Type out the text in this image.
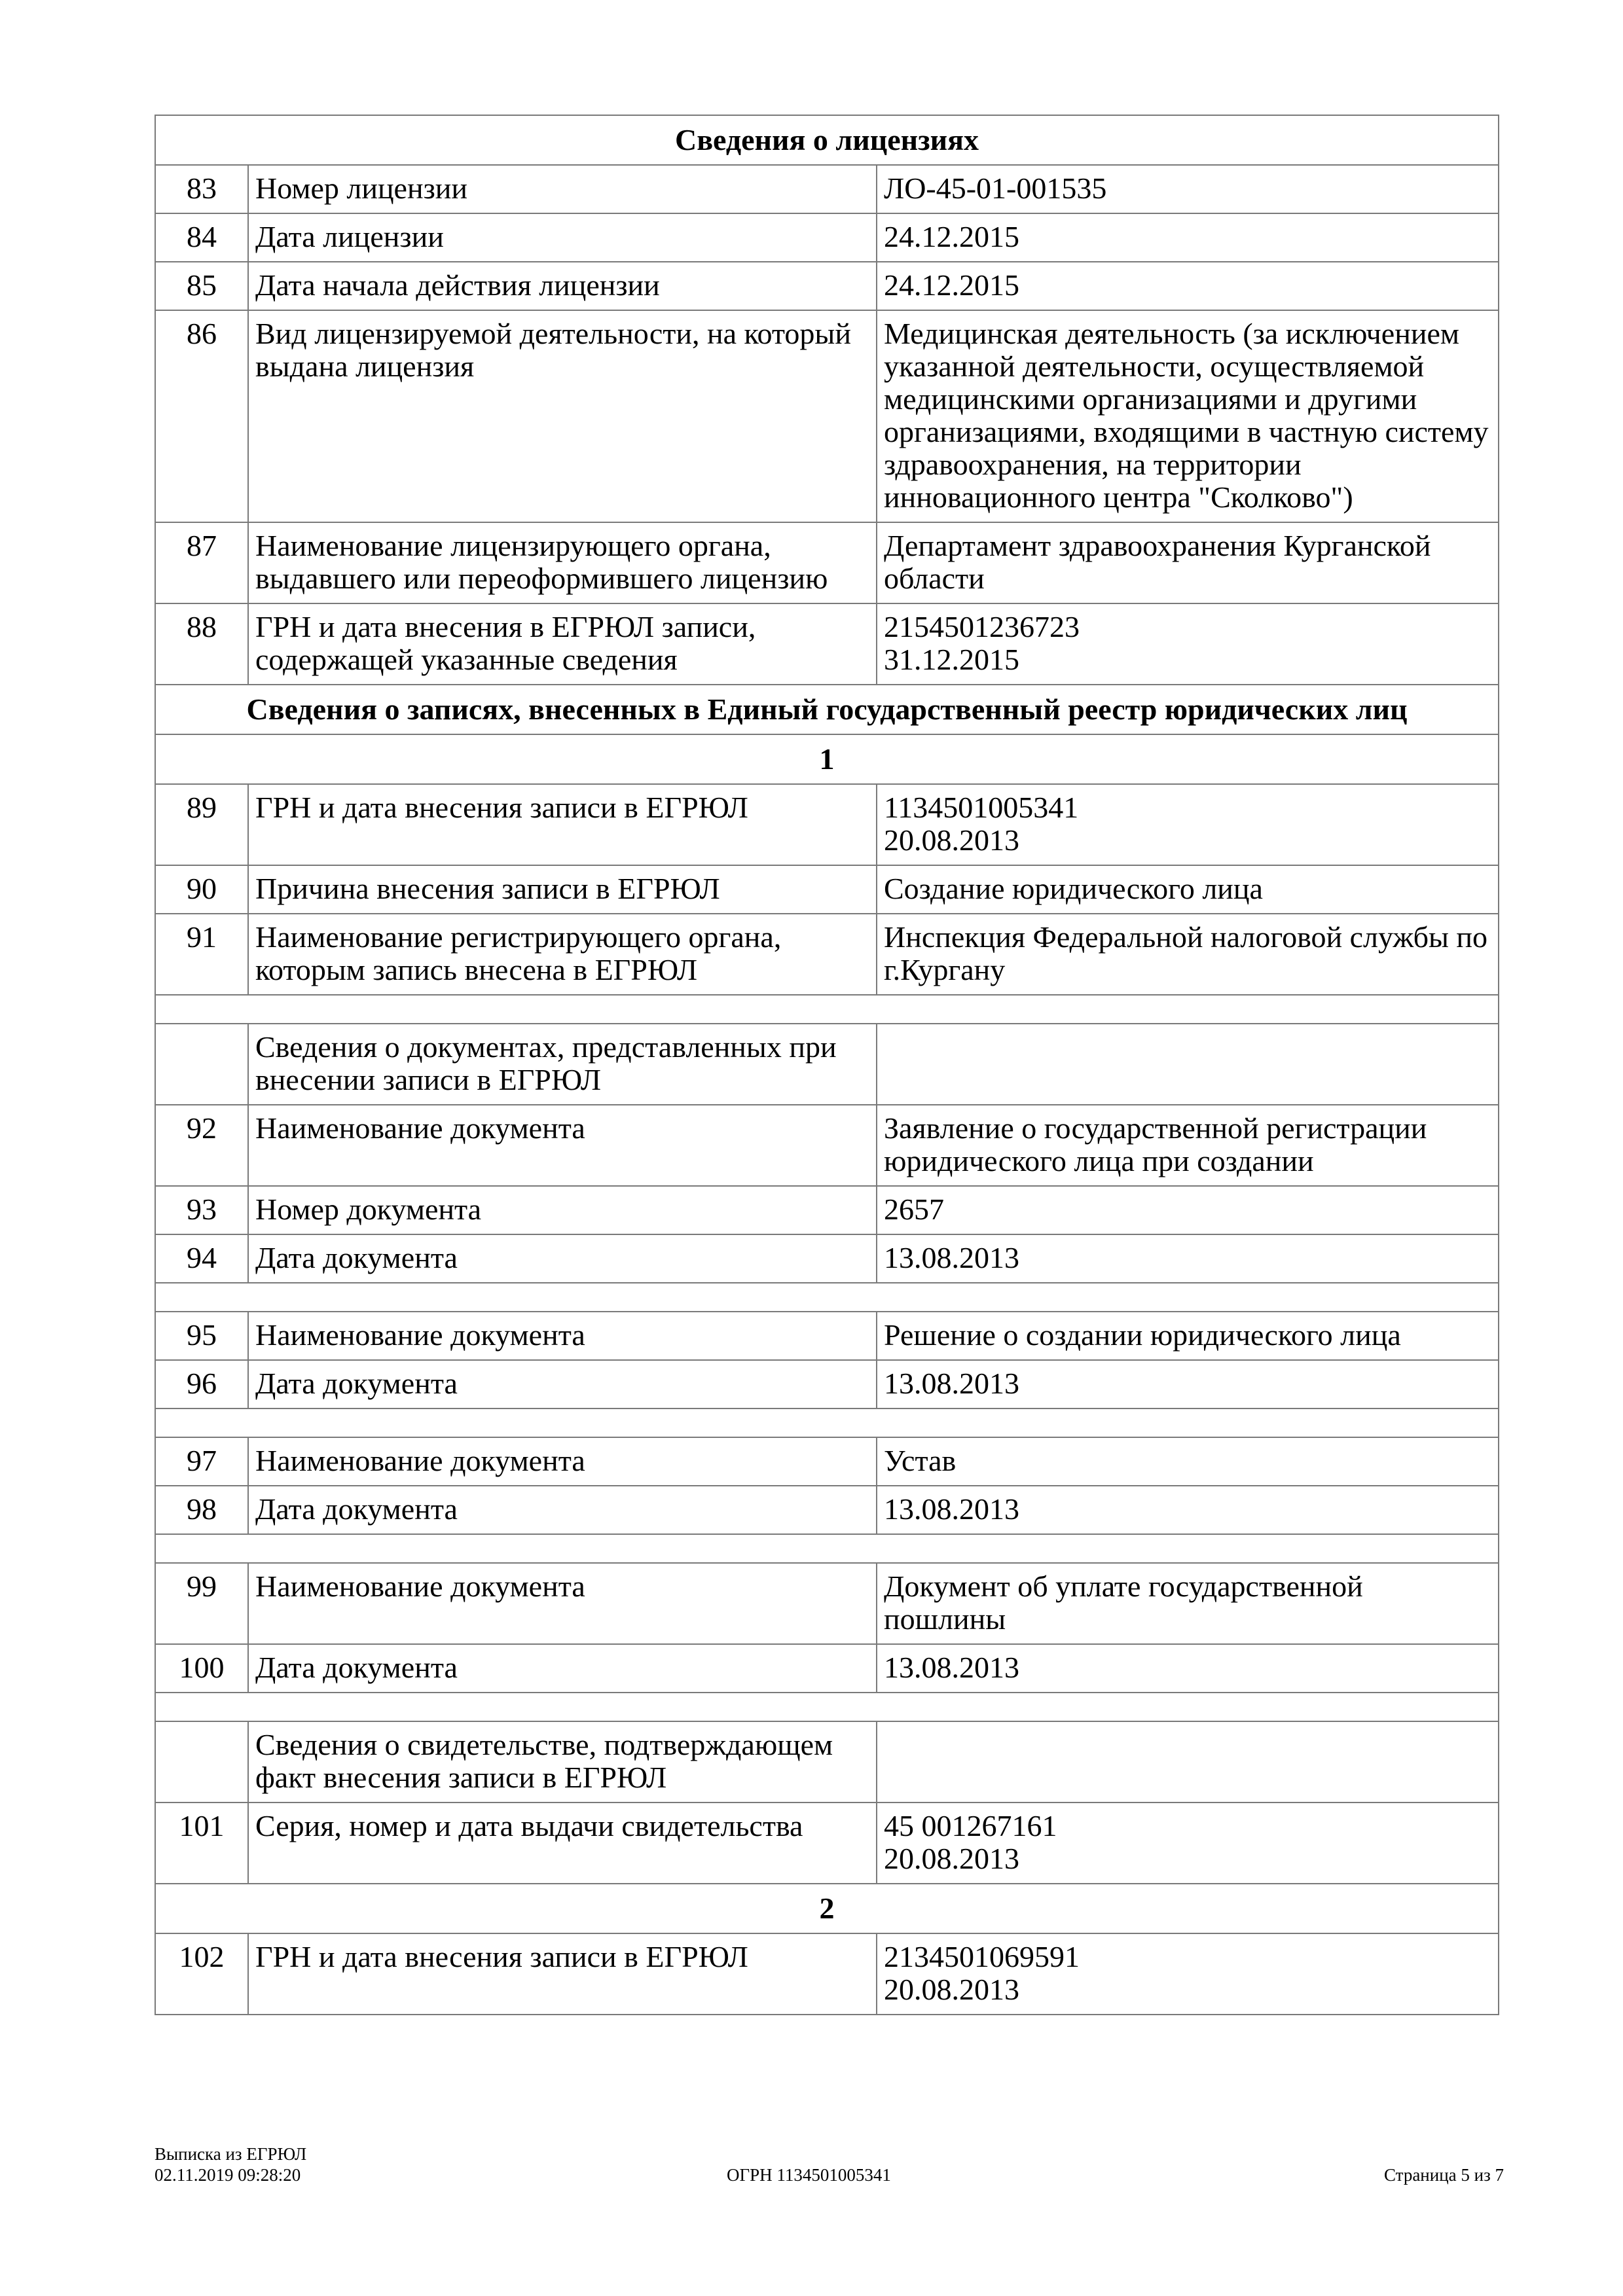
Сведения о лицензиях		
83	Номер лицензии	ЛО-45-01-001535
84	Дата лицензии	24.12.2015
85	Дата начала действия лицензии	24.12.2015
86	Вид лицензируемой деятельности, на который выдана лицензия	Медицинская деятельность (за исключением указанной деятельности, осуществляемой медицинскими организациями и другими организациями, входящими в частную систему здравоохранения, на территории инновационного центра "Сколково")
87	Наименование лицензирующего органа, выдавшего или переоформившего лицензию	Департамент здравоохранения Курганской области
88	ГРН и дата внесения в ЕГРЮЛ записи, содержащей указанные сведения	2154501236723
31.12.2015

Сведения о записях, внесенных в Единый государственный реестр юридических лиц		
1		
89	ГРН и дата внесения записи в ЕГРЮЛ	1134501005341
20.08.2013

90	Причина внесения записи в ЕГРЮЛ	Создание юридического лица
91	Наименование регистрирующего органа, которым запись внесена в ЕГРЮЛ	Инспекция Федеральной налоговой службы по г.Кургану

	Сведения о документах, представленных при внесении записи в ЕГРЮЛ	
92	Наименование документа	Заявление о государственной регистрации юридического лица при создании
93	Номер документа	2657
94	Дата документа	13.08.2013

95	Наименование документа	Решение о создании юридического лица
96	Дата документа	13.08.2013

97	Наименование документа	Устав
98	Дата документа	13.08.2013

99	Наименование документа	Документ об уплате государственной пошлины
100	Дата документа	13.08.2013

	Сведения о свидетельстве, подтверждающем факт внесения записи в ЕГРЮЛ	
101	Серия, номер и дата выдачи свидетельства	45 001267161
20.08.2013

2		
102	ГРН и дата внесения записи в ЕГРЮЛ	2134501069591
20.08.2013
Выписка из ЕГРЮЛ
02.11.2019 09:28:20	ОГРН 1134501005341	Страница 5 из 7
